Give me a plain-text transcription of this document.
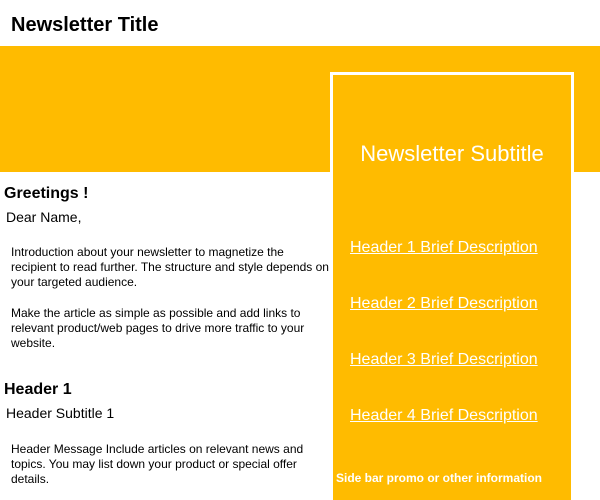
Newsletter Title
Greetings !
Dear Name,

Introduction about your newsletter to magnetize the recipient to read further. The structure and style depends on your targeted audience.

Make the article as simple as possible and add links to relevant product/web pages to drive more traffic to your website.

Header 1
Header Subtitle 1

Header Message Include articles on relevant news and topics. You may list down your product or special offer details.

Newsletter Subtitle
Header 1 Brief Description
Header 2 Brief Description
Header 3 Brief Description
Header 4 Brief Description
Side bar promo or other information
